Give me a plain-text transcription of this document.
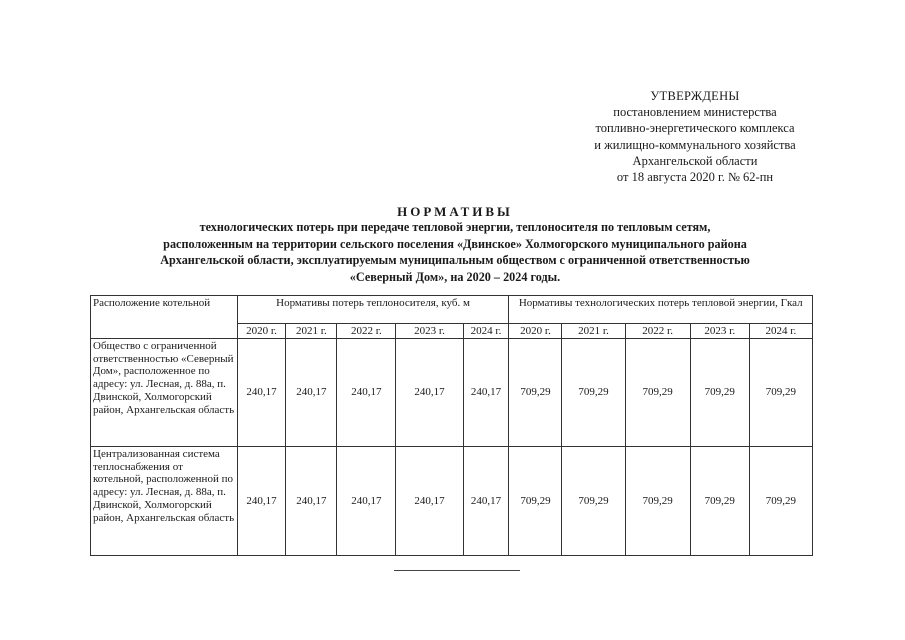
УТВЕРЖДЕНЫ
постановлением министерства
топливно-энергетического комплекса
и жилищно-коммунального хозяйства
Архангельской области
от 18 августа 2020 г. № 62-пн
НОРМАТИВЫ
технологических потерь при передаче тепловой энергии, теплоносителя по тепловым сетям,
расположенным на территории сельского поселения «Двинское» Холмогорского муниципального района
Архангельской области, эксплуатируемым муниципальным обществом с ограниченной ответственностью
«Северный Дом», на 2020 – 2024 годы.
Расположение котельной	Нормативы потерь теплоносителя, куб. м					Нормативы технологических потерь тепловой энергии, Гкал				
	2020 г.	2021 г.	2022 г.	2023 г.	2024 г.	2020 г.	2021 г.	2022 г.	2023 г.	2024 г.
Общество с ограниченной ответственностью «Северный Дом», расположенное по адресу: ул. Лесная, д. 88а, п. Двинской, Холмогорский район, Архангельская область	240,17	240,17	240,17	240,17	240,17	709,29	709,29	709,29	709,29	709,29
Централизованная система теплоснабжения от котельной, расположенной по адресу: ул. Лесная, д. 88а, п. Двинской, Холмогорский район, Архангельская область	240,17	240,17	240,17	240,17	240,17	709,29	709,29	709,29	709,29	709,29
